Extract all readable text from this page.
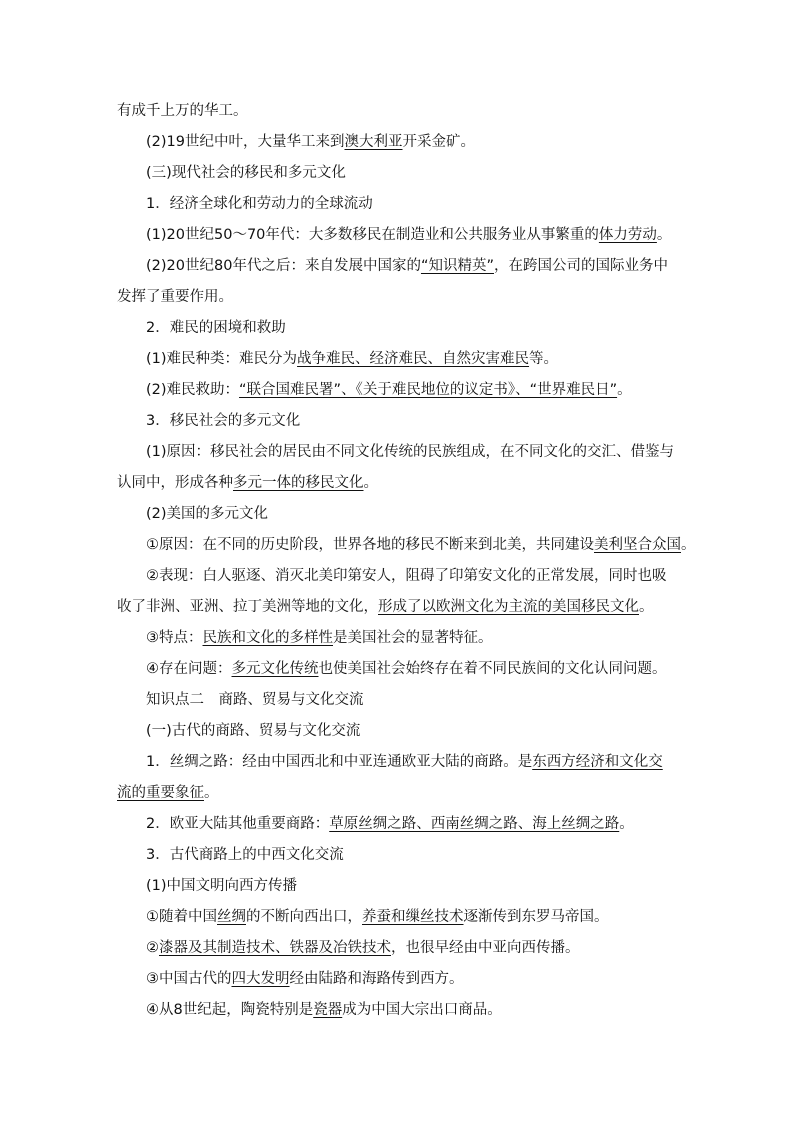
有成千上万的华工。

(2)19世纪中叶，大量华工来到澳大利亚开采金矿。

(三)现代社会的移民和多元文化

1．经济全球化和劳动力的全球流动

(1)20世纪50～70年代：大多数移民在制造业和公共服务业从事繁重的体力劳动。

(2)20世纪80年代之后：来自发展中国家的“知识精英”，在跨国公司的国际业务中发挥了重要作用。

2．难民的困境和救助

(1)难民种类：难民分为战争难民、经济难民、自然灾害难民等。

(2)难民救助：“联合国难民署”、《关于难民地位的议定书》、“世界难民日”。

3．移民社会的多元文化

(1)原因：移民社会的居民由不同文化传统的民族组成，在不同文化的交汇、借鉴与认同中，形成各种多元一体的移民文化。

(2)美国的多元文化

①原因：在不同的历史阶段，世界各地的移民不断来到北美，共同建设美利坚合众国。

②表现：白人驱逐、消灭北美印第安人，阻碍了印第安文化的正常发展，同时也吸收了非洲、亚洲、拉丁美洲等地的文化，形成了以欧洲文化为主流的美国移民文化。

③特点：民族和文化的多样性是美国社会的显著特征。

④存在问题：多元文化传统也使美国社会始终存在着不同民族间的文化认同问题。

知识点二　商路、贸易与文化交流

(一)古代的商路、贸易与文化交流

1．丝绸之路：经由中国西北和中亚连通欧亚大陆的商路。是东西方经济和文化交流的重要象征。

2．欧亚大陆其他重要商路：草原丝绸之路、西南丝绸之路、海上丝绸之路。

3．古代商路上的中西文化交流

(1)中国文明向西方传播

①随着中国丝绸的不断向西出口，养蚕和缫丝技术逐渐传到东罗马帝国。

②漆器及其制造技术、铁器及冶铁技术，也很早经由中亚向西传播。

③中国古代的四大发明经由陆路和海路传到西方。

④从8世纪起，陶瓷特别是瓷器成为中国大宗出口商品。
